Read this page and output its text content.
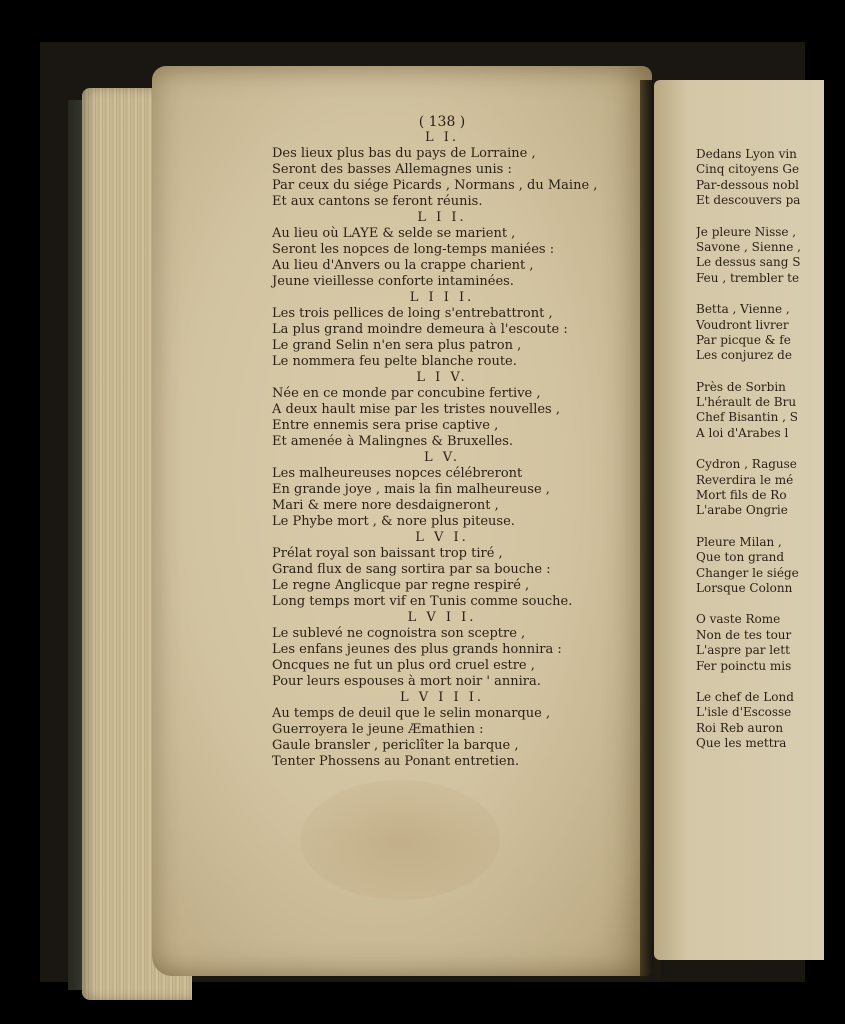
( 138 )
L I.
Des lieux plus bas du pays de Lorraine ,
Seront des basses Allemagnes unis :
Par ceux du siége Picards , Normans , du Maine ,
Et aux cantons se feront réunis.
L I I.
Au lieu où LAYE & selde se marient ,
Seront les nopces de long-temps maniées :
Au lieu d'Anvers ou la crappe charient ,
Jeune vieillesse conforte intaminées.
L I I I.
Les trois pellices de loing s'entrebattront ,
La plus grand moindre demeura à l'escoute :
Le grand Selin n'en sera plus patron ,
Le nommera feu pelte blanche route.
L I V.
Née en ce monde par concubine fertive ,
A deux hault mise par les tristes nouvelles ,
Entre ennemis sera prise captive ,
Et amenée à Malingnes & Bruxelles.
L V.
Les malheureuses nopces célébreront
En grande joye , mais la fin malheureuse ,
Mari & mere nore desdaigneront ,
Le Phybe mort , & nore plus piteuse.
L V I.
Prélat royal son baissant trop tiré ,
Grand flux de sang sortira par sa bouche :
Le regne Anglicque par regne respiré ,
Long temps mort vif en Tunis comme souche.
L V I I.
Le sublevé ne cognoistra son sceptre ,
Les enfans jeunes des plus grands honnira :
Oncques ne fut un plus ord cruel estre ,
Pour leurs espouses à mort noir ' annira.
L V I I I.
Au temps de deuil que le selin monarque ,
Guerroyera le jeune Æmathien :
Gaule bransler , periclîter la barque ,
Tenter Phossens au Ponant entretien.
Dedans Lyon vin
Cinq citoyens Ge
Par-dessous nobl
Et descouvers pa
Je pleure Nisse ,
Savone , Sienne ,
Le dessus sang S
Feu , trembler te
Betta , Vienne ,
Voudront livrer
Par picque & fe
Les conjurez de
Près de Sorbin
L'hérault de Bru
Chef Bisantin , S
A loi d'Arabes l
Cydron , Raguse
Reverdira le mé
Mort fils de Ro
L'arabe Ongrie
Pleure Milan ,
Que ton grand
Changer le siége
Lorsque Colonn
O vaste Rome
Non de tes tour
L'aspre par lett
Fer poinctu mis
Le chef de Lond
L'isle d'Escosse
Roi Reb auron
Que les mettra
